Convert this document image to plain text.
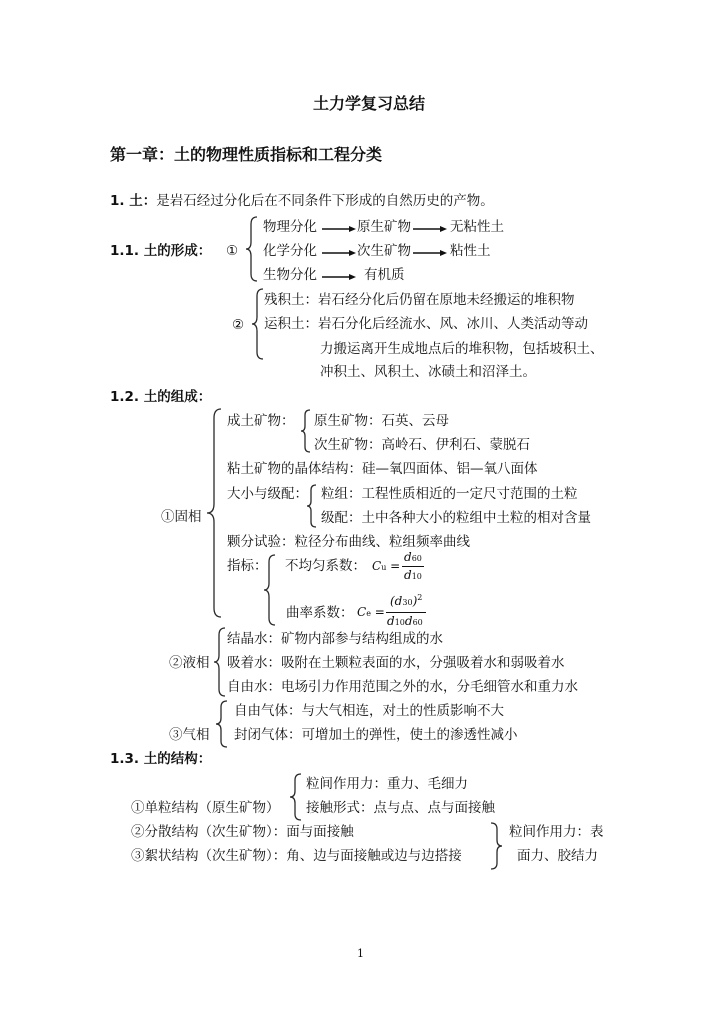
土力学复习总结
第一章：土的物理性质指标和工程分类
1. 土：是岩石经过分化后在不同条件下形成的自然历史的产物。
1.1. 土的形成： ①
物理分化	原生矿物	无粘性土
化学分化	次生矿物	粘性土
生物分化	有机质
②
残积土：岩石经分化后仍留在原地未经搬运的堆积物
运积土：岩石分化后经流水、风、冰川、人类活动等动
力搬运离开生成地点后的堆积物，包括坡积土、
冲积土、风积土、冰碛土和沼泽土。
1.2. 土的组成：
①固相
成土矿物： 原生矿物：石英、云母
次生矿物：高岭石、伊利石、蒙脱石
粘土矿物的晶体结构：硅—氧四面体、铝—氧八面体
大小与级配： 粒组：工程性质相近的一定尺寸范围的土粒
级配：土中各种大小的粒组中土粒的相对含量
颗分试验：粒径分布曲线、粒组频率曲线
指标： 不均匀系数： Cu =
d60
d10
曲率系数： Ce =
$(d30)^2$
d10d60
②液相
结晶水：矿物内部参与结构组成的水
吸着水：吸附在土颗粒表面的水，分强吸着水和弱吸着水
自由水：电场引力作用范围之外的水，分毛细管水和重力水
③气相
自由气体：与大气相连，对土的性质影响不大
封闭气体：可增加土的弹性，使土的渗透性减小
1.3. 土的结构：
①单粒结构（原生矿物）
粒间作用力：重力、毛细力
接触形式：点与点、点与面接触
②分散结构（次生矿物）：面与面接触
③絮状结构（次生矿物）：角、边与面接触或边与边搭接
粒间作用力：表
面力、胶结力
1
